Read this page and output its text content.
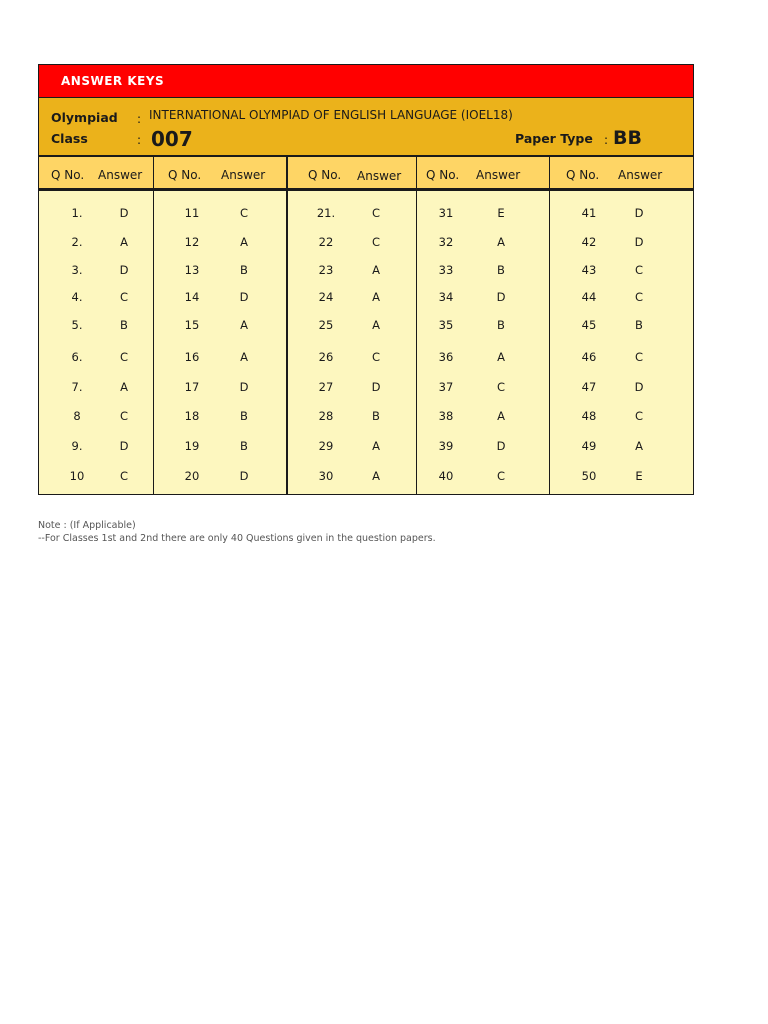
ANSWER KEYS
Olympiad : INTERNATIONAL OLYMPIAD OF ENGLISH LANGUAGE (IOEL18)
Class	: 007	Paper Type : BB
Q No. Answer Q No. Answer	Q No. Answer Q No. Answer	Q No. Answer
1.	D
2.	A
3.	D
4.	C
5.	B
6.	C
7.	A
8	C
9.	D
10	C
11	C
12	A
13	B
14	D
15	A
16	A
17	D
18	B
19	B
20	D
21.	C
22	C
23	A
24	A
25	A
26	C
27	D
28	B
29	A
30	A
31	E
32	A
33	B
34	D
35	B
36	A
37	C
38	A
39	D
40	C
41	D
42	D
43	C
44	C
45	B
46	C
47	D
48	C
49	A
50	E
Note : (If Applicable)
--For Classes 1st and 2nd there are only 40 Questions given in the question papers.
